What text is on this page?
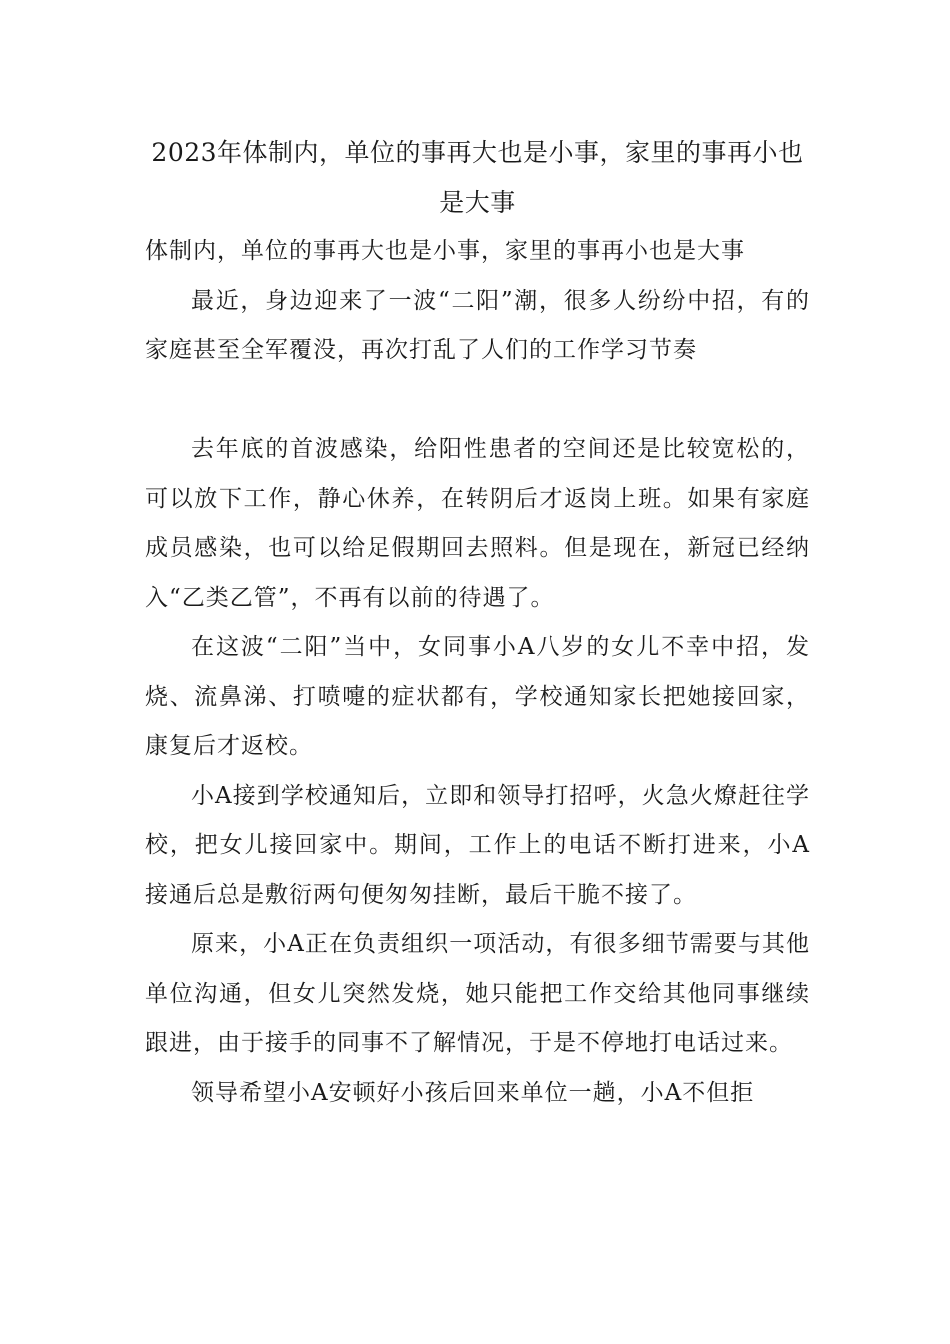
2023年体制内，单位的事再大也是小事，家里的事再小也是大事

体制内，单位的事再大也是小事，家里的事再小也是大事

最近，身边迎来了一波“二阳”潮，很多人纷纷中招，有的家庭甚至全军覆没，再次打乱了人们的工作学习节奏

去年底的首波感染，给阳性患者的空间还是比较宽松的，可以放下工作，静心休养，在转阴后才返岗上班。如果有家庭成员感染，也可以给足假期回去照料。但是现在，新冠已经纳入“乙类乙管”，不再有以前的待遇了。

在这波“二阳”当中，女同事小A八岁的女儿不幸中招，发烧、流鼻涕、打喷嚏的症状都有，学校通知家长把她接回家，康复后才返校。

小A接到学校通知后，立即和领导打招呼，火急火燎赶往学校，把女儿接回家中。期间，工作上的电话不断打进来，小A接通后总是敷衍两句便匆匆挂断，最后干脆不接了。

原来，小A正在负责组织一项活动，有很多细节需要与其他单位沟通，但女儿突然发烧，她只能把工作交给其他同事继续跟进，由于接手的同事不了解情况，于是不停地打电话过来。

领导希望小A安顿好小孩后回来单位一趟，小A不但拒
